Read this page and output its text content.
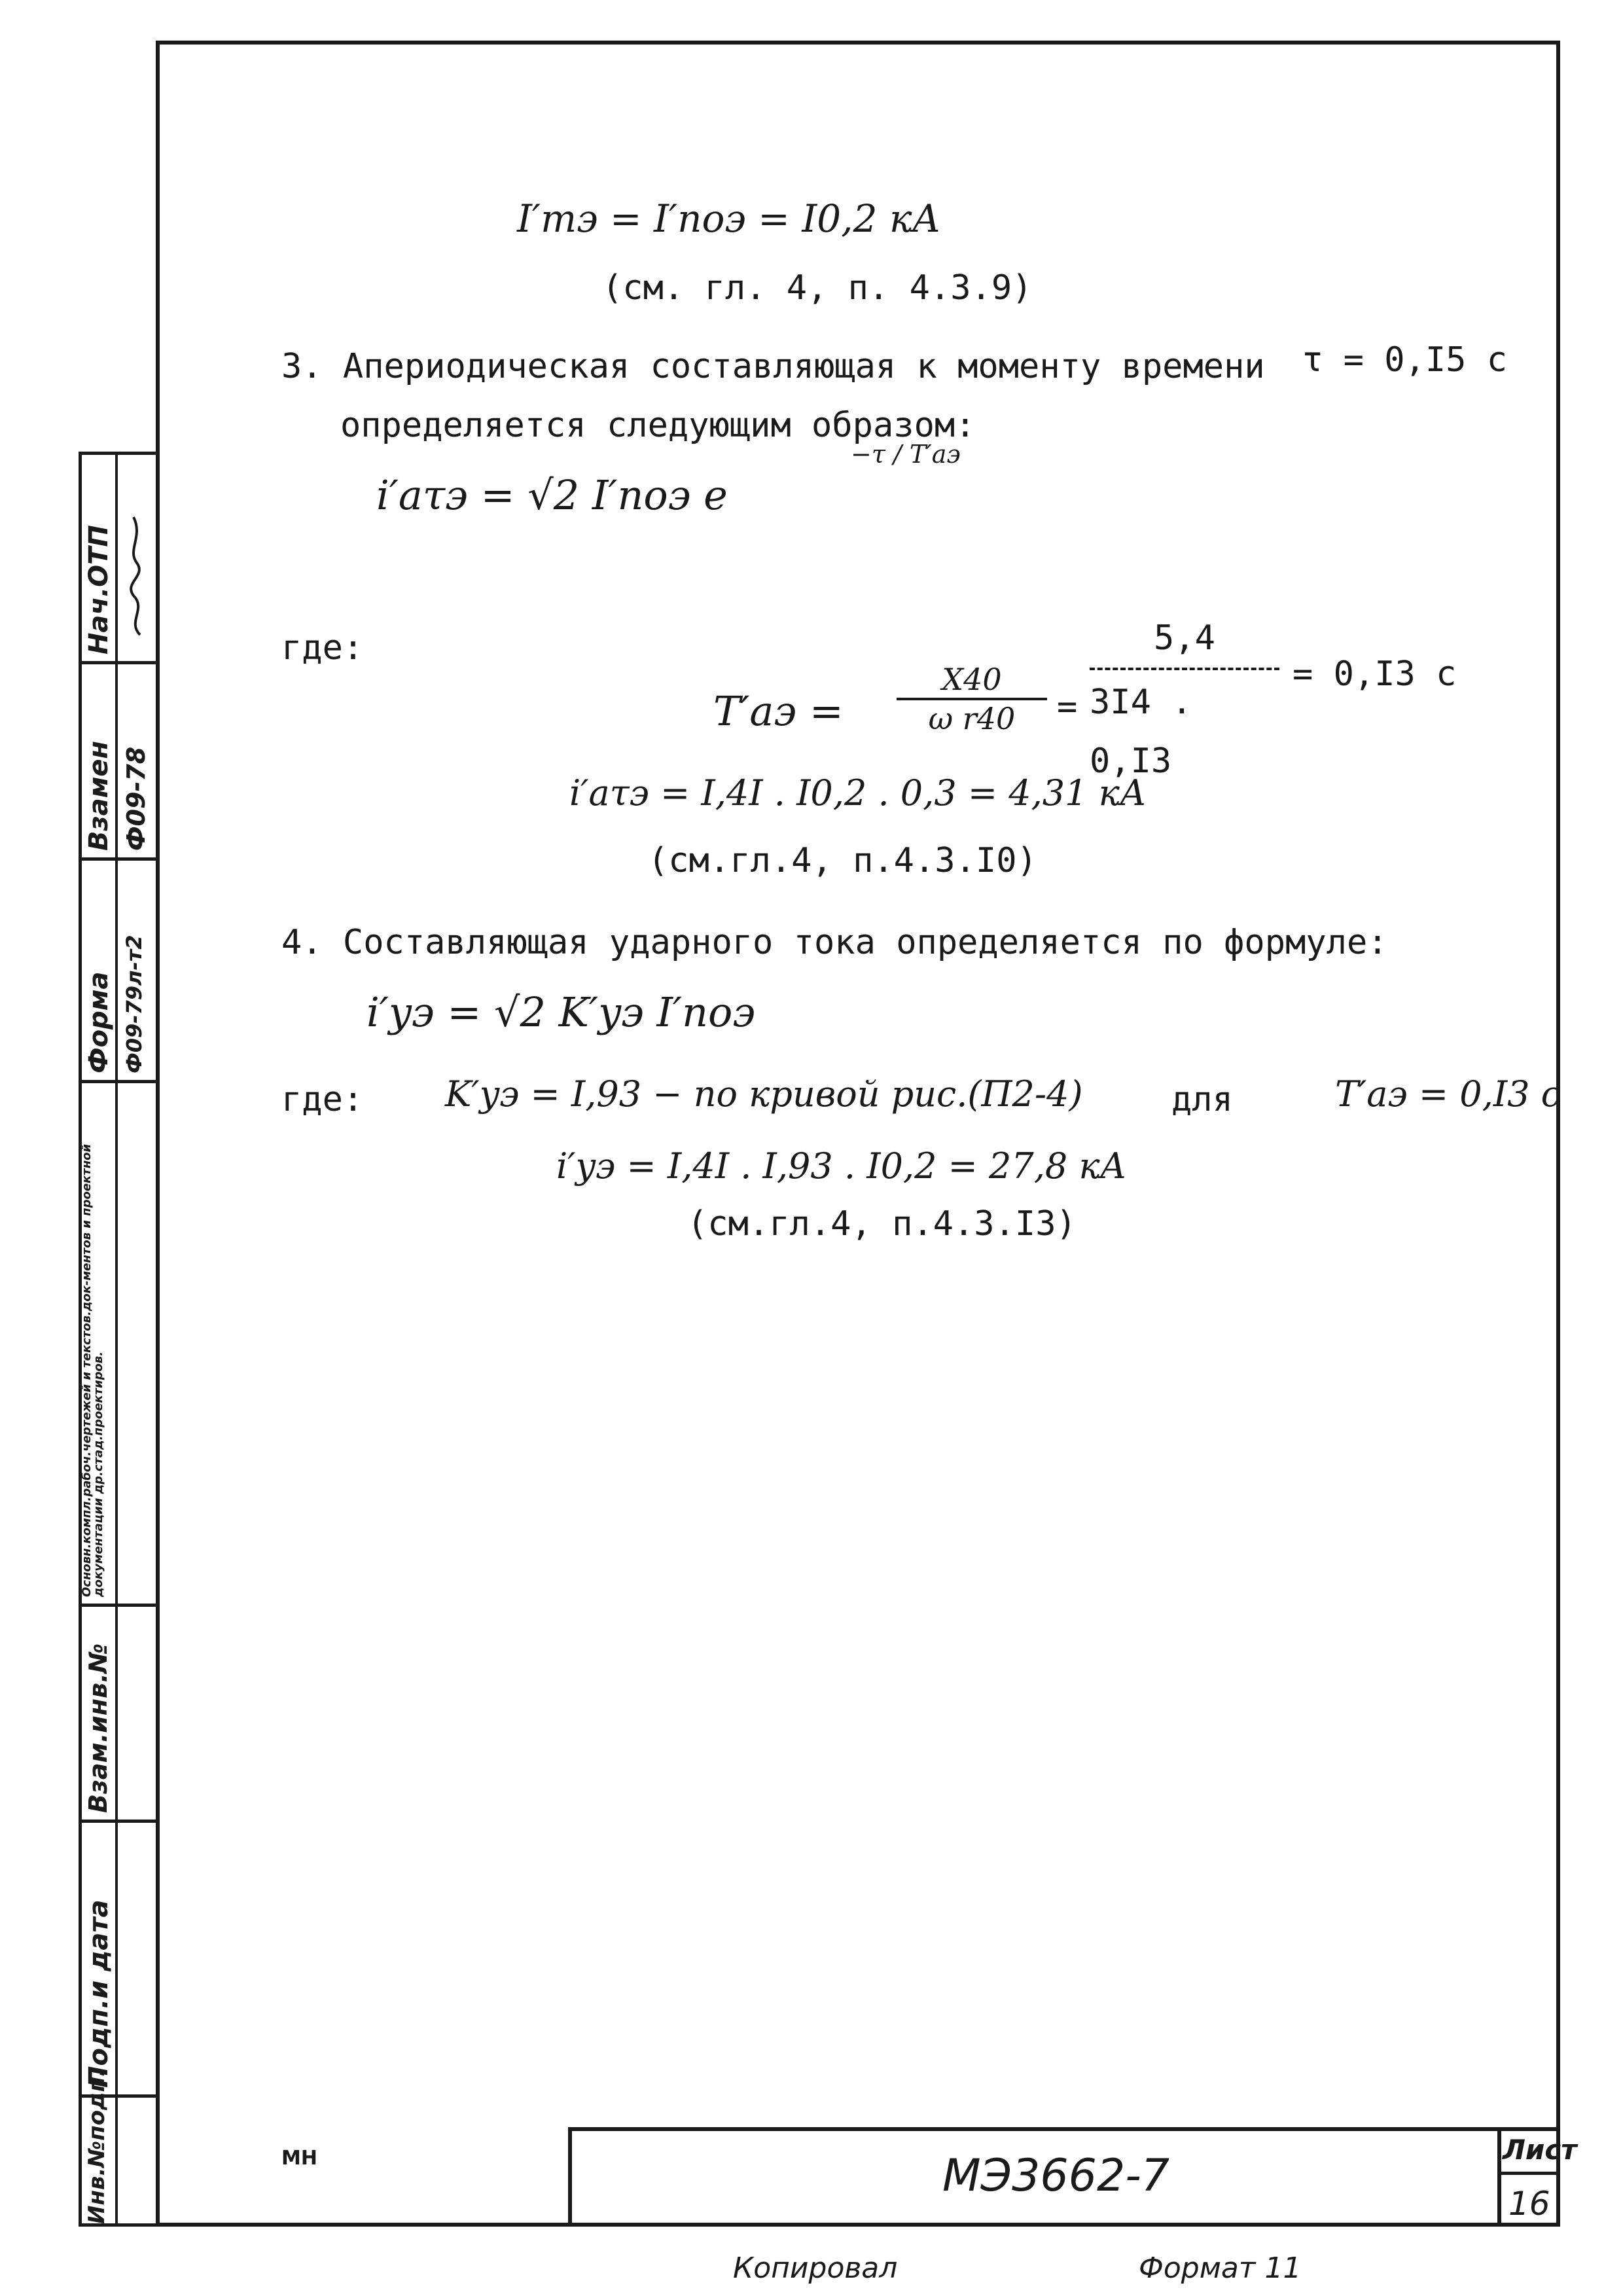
Нач.ОТП
Взамен Ф09-78
Форма Ф09-79л-т2
Основн.компл.рабоч.чертежей и текстов.док-ментов и проектной документации др.стад.проектиров.
Взам.инв.№
Подп.и дата
Инв.№подп.
I′mэ = I′поэ = I0,2 кА
(см. гл. 4, п. 4.3.9)
3. Апериодическая составляющая к моменту времени τ = 0,I5 с
определяется следующим образом:
i′aτэ = √2 I′поэ e
−τ / T′aэ
где:
T′aэ =
X40
ω r40 =
5,4
3I4 . 0,I3
= 0,I3 с
i′aτэ = I,4I . I0,2 . 0,3 = 4,31 кА
(см.гл.4, п.4.3.I0)
4. Составляющая ударного тока определяется по формуле:
i′yэ = √2 K′yэ I′поэ
где: K′yэ = I,93 − по кривой рис.(П2-4)	для	T′aэ = 0,I3 с
i′yэ = I,4I . I,93 . I0,2 = 27,8 кА
(см.гл.4, п.4.3.I3)
МН	МЭ3662-7
Лист
16
Копировал	Формат 11
